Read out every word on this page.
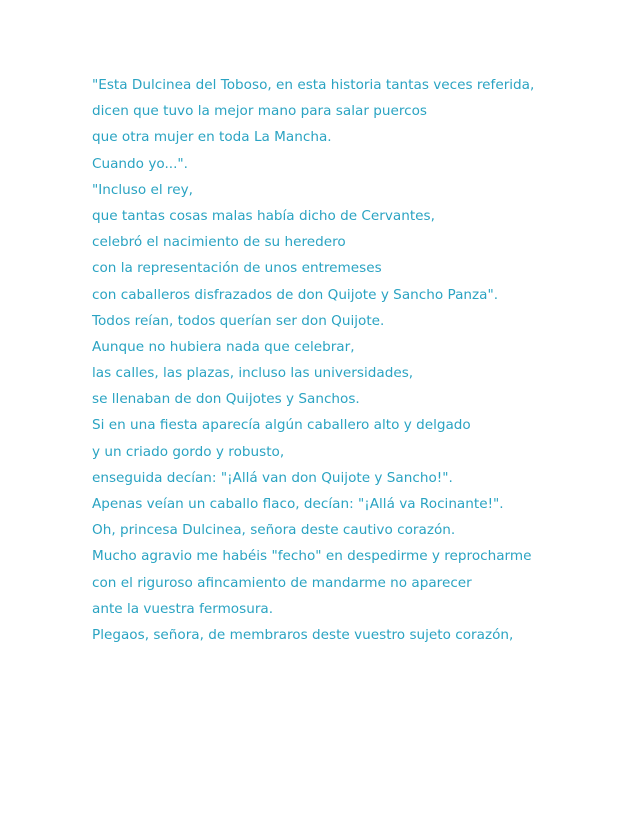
"Esta Dulcinea del Toboso, en esta historia tantas veces referida,
dicen que tuvo la mejor mano para salar puercos
que otra mujer en toda La Mancha.
Cuando yo...".
"Incluso el rey,
que tantas cosas malas había dicho de Cervantes,
celebró el nacimiento de su heredero
con la representación de unos entremeses
con caballeros disfrazados de don Quijote y Sancho Panza".
Todos reían, todos querían ser don Quijote.
Aunque no hubiera nada que celebrar,
las calles, las plazas, incluso las universidades,
se llenaban de don Quijotes y Sanchos.
Si en una fiesta aparecía algún caballero alto y delgado
y un criado gordo y robusto,
enseguida decían: "¡Allá van don Quijote y Sancho!".
Apenas veían un caballo flaco, decían: "¡Allá va Rocinante!".
Oh, princesa Dulcinea, señora deste cautivo corazón.
Mucho agravio me habéis "fecho" en despedirme y reprocharme
con el riguroso afincamiento de mandarme no aparecer
ante la vuestra fermosura.
Plegaos, señora, de membraros deste vuestro sujeto corazón,
